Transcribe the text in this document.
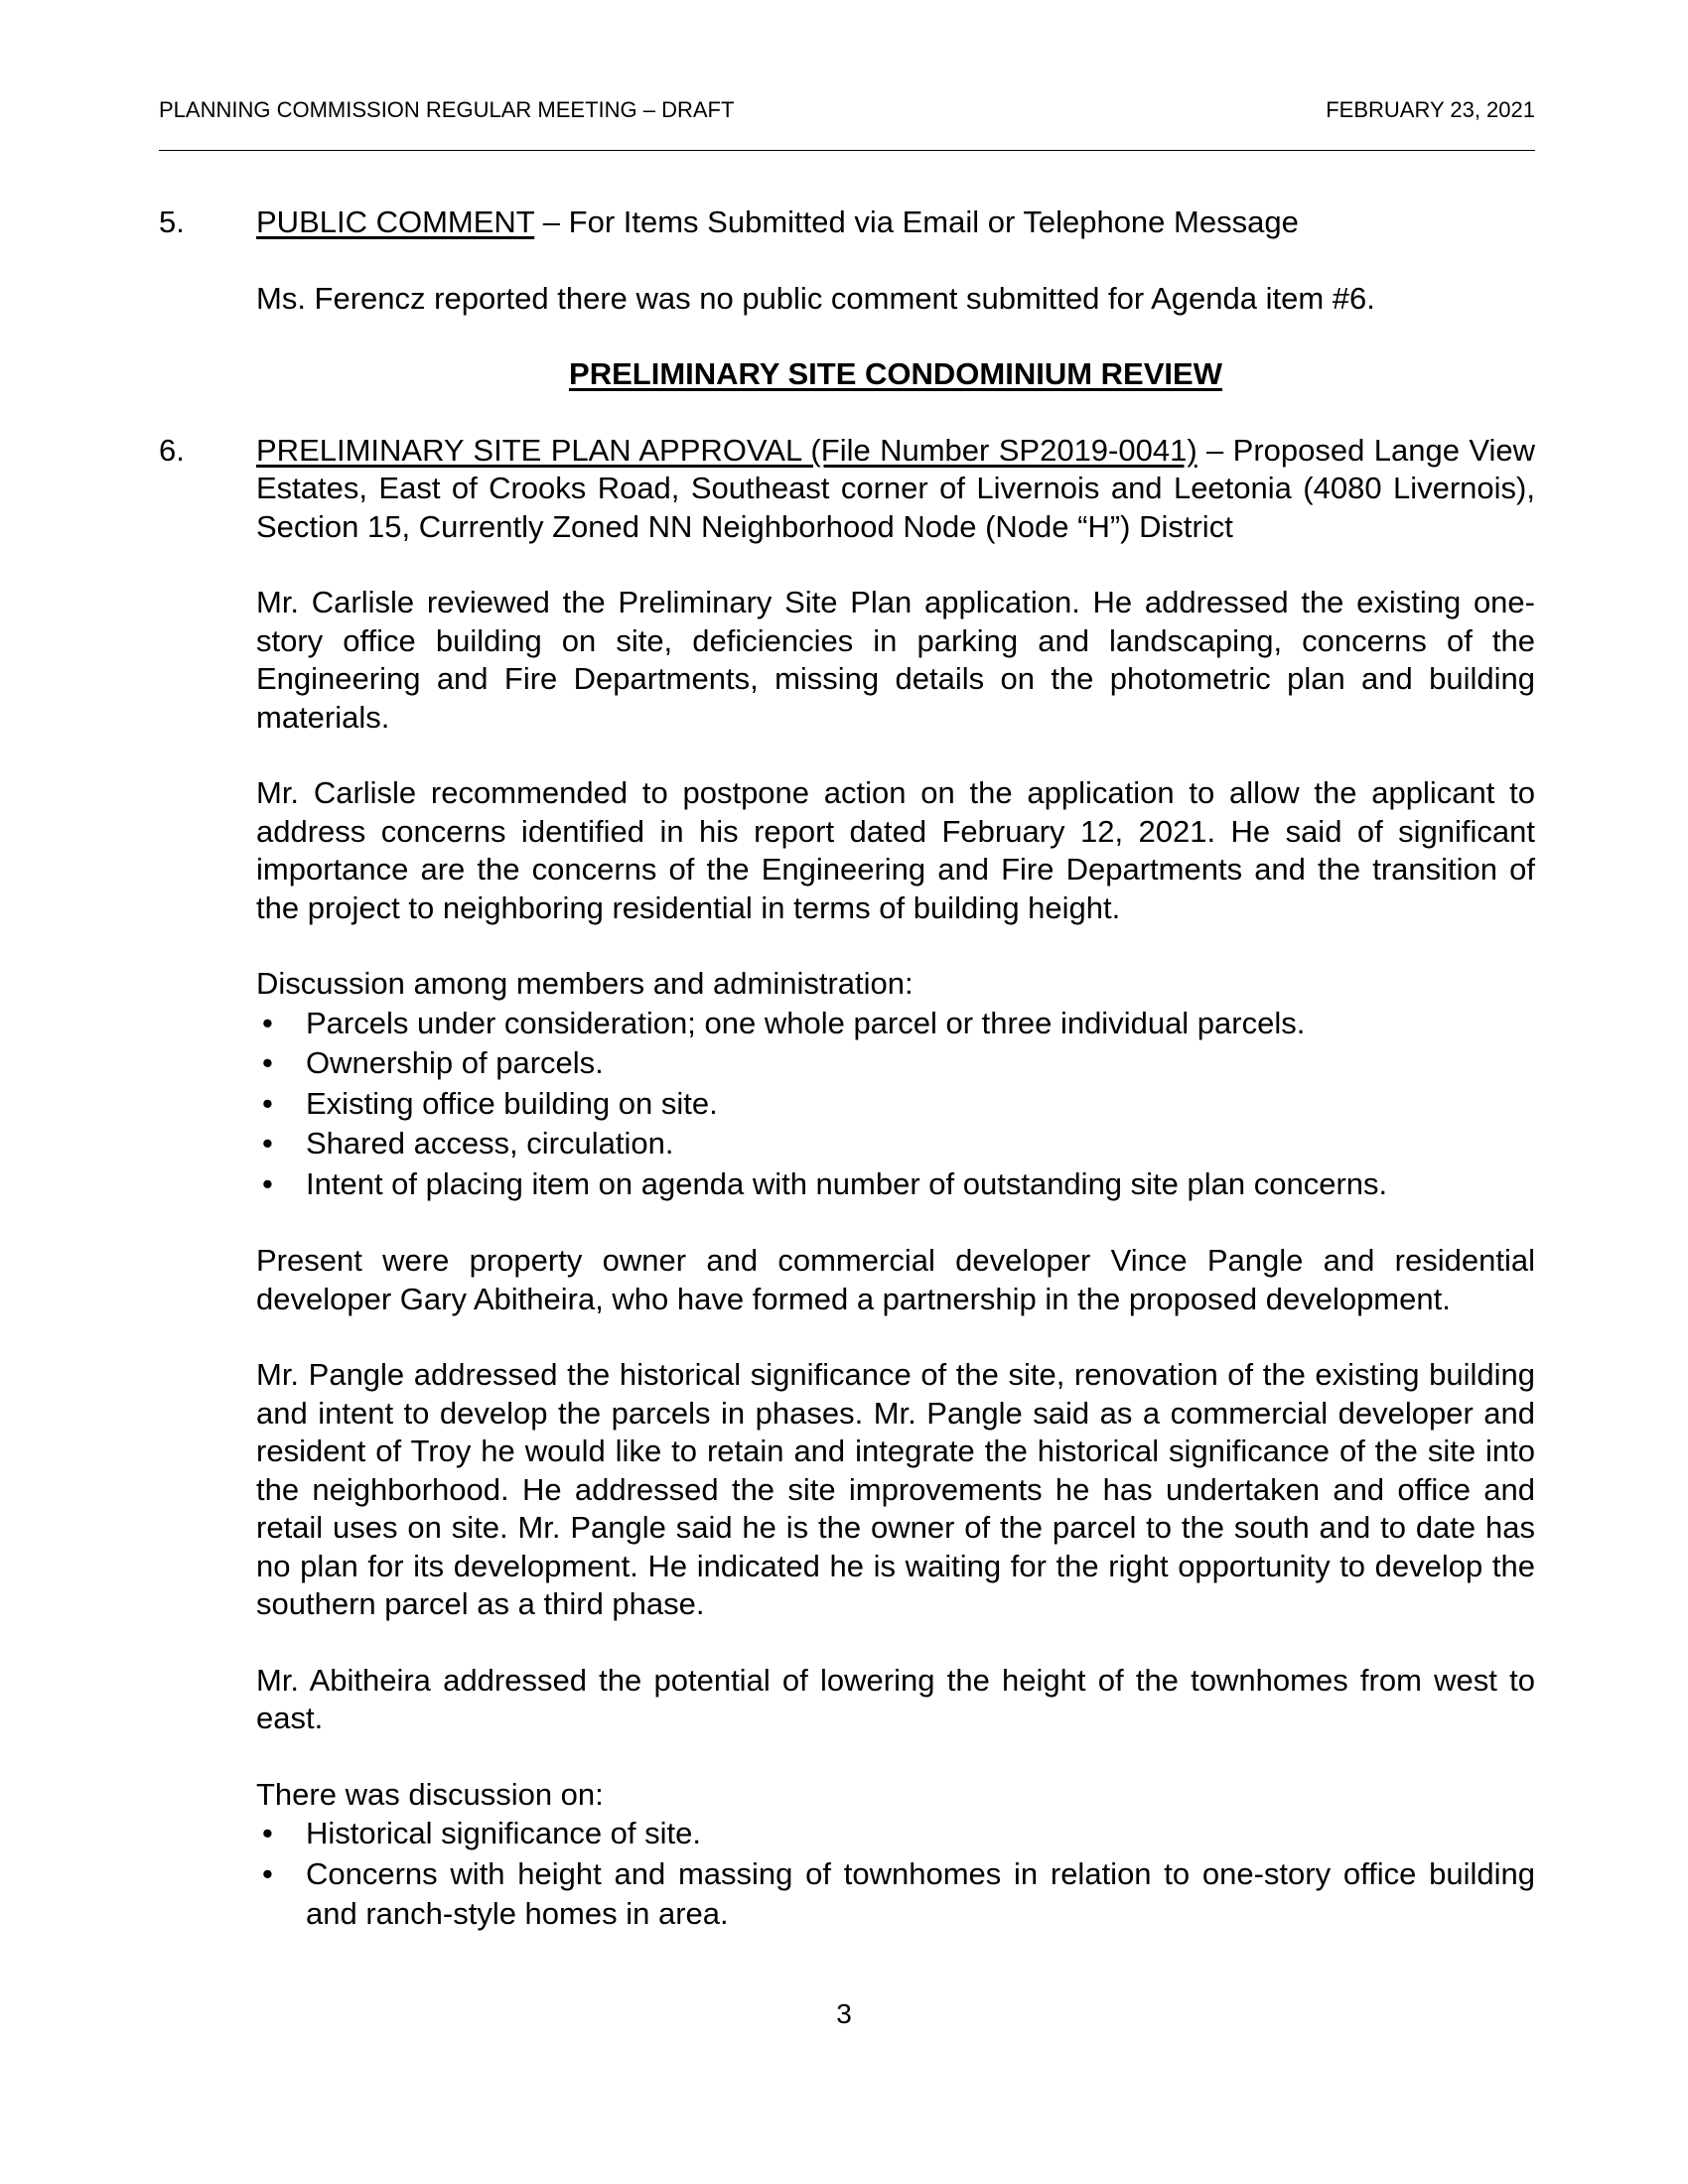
PLANNING COMMISSION REGULAR MEETING – DRAFT	FEBRUARY 23, 2021
5.	PUBLIC COMMENT – For Items Submitted via Email or Telephone Message

Ms. Ferencz reported there was no public comment submitted for Agenda item #6.

PRELIMINARY SITE CONDOMINIUM REVIEW

6.	PRELIMINARY SITE PLAN APPROVAL (File Number SP2019-0041) – Proposed Lange View Estates, East of Crooks Road, Southeast corner of Livernois and Leetonia (4080 Livernois), Section 15, Currently Zoned NN Neighborhood Node (Node “H”) District

Mr. Carlisle reviewed the Preliminary Site Plan application. He addressed the existing one-story office building on site, deficiencies in parking and landscaping, concerns of the Engineering and Fire Departments, missing details on the photometric plan and building materials.

Mr. Carlisle recommended to postpone action on the application to allow the applicant to address concerns identified in his report dated February 12, 2021. He said of significant importance are the concerns of the Engineering and Fire Departments and the transition of the project to neighboring residential in terms of building height.

Discussion among members and administration:

• Parcels under consideration; one whole parcel or three individual parcels.
• Ownership of parcels.
• Existing office building on site.
• Shared access, circulation.
• Intent of placing item on agenda with number of outstanding site plan concerns.

Present were property owner and commercial developer Vince Pangle and residential developer Gary Abitheira, who have formed a partnership in the proposed development.

Mr. Pangle addressed the historical significance of the site, renovation of the existing building and intent to develop the parcels in phases. Mr. Pangle said as a commercial developer and resident of Troy he would like to retain and integrate the historical significance of the site into the neighborhood. He addressed the site improvements he has undertaken and office and retail uses on site. Mr. Pangle said he is the owner of the parcel to the south and to date has no plan for its development. He indicated he is waiting for the right opportunity to develop the southern parcel as a third phase.

Mr. Abitheira addressed the potential of lowering the height of the townhomes from west to east.

There was discussion on:

• Historical significance of site.
• Concerns with height and massing of townhomes in relation to one-story office building and ranch-style homes in area.
3
